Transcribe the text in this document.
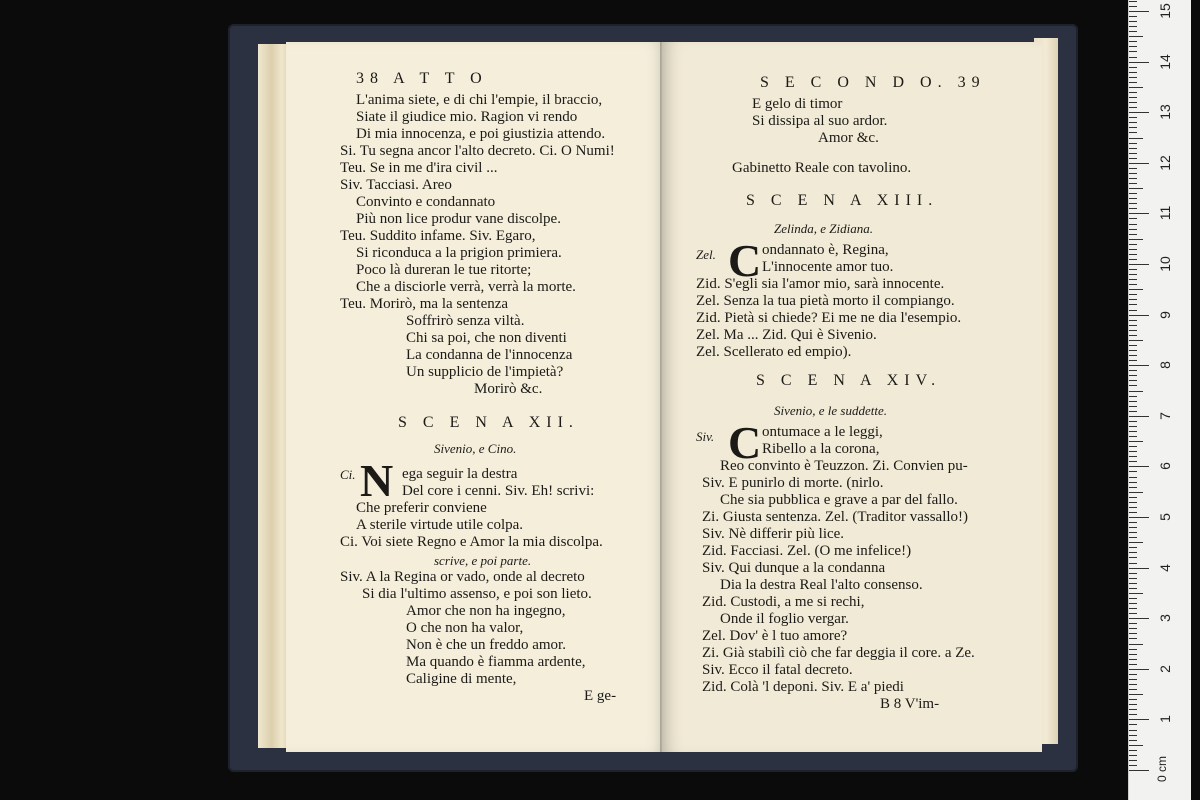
38 A T T O
L'anima siete, e di chi l'empie, il braccio,
Siate il giudice mio. Ragion vi rendo
Di mia innocenza, e poi giustizia attendo.
Si. Tu segna ancor l'alto decreto. Ci. O Numi!
Teu. Se in me d'ira civil ...
Siv. Tacciasi. Areo
Convinto e condannato
Più non lice produr vane discolpe.
Teu. Suddito infame. Siv. Egaro,
Si riconduca a la prigion primiera.
Poco là dureran le tue ritorte;
Che a disciorle verrà, verrà la morte.
Teu. Morirò, ma la sentenza
Soffrirò senza viltà.
Chi sa poi, che non diventi
La condanna de l'innocenza
Un supplicio de l'impietà?
Morirò &c.
S C E N A XII.
Sivenio, e Cino.
Ci. N ega seguir la destra
Del core i cenni. Siv. Eh! scrivi:
Che preferir conviene
A sterile virtude utile colpa.
Ci. Voi siete Regno e Amor la mia discolpa.
scrive, e poi parte.
Siv. A la Regina or vado, onde al decreto
Si dia l'ultimo assenso, e poi son lieto.
Amor che non ha ingegno,
O che non ha valor,
Non è che un freddo amor.
Ma quando è fiamma ardente,
Caligine di mente,
E ge-
S E C O N D O. 39
E gelo di timor
Si dissipa al suo ardor.
Amor &c.
Gabinetto Reale con tavolino.
S C E N A XIII.
Zelinda, e Zidiana.
Zel. C ondannato è, Regina,
L'innocente amor tuo.
Zid. S'egli sia l'amor mio, sarà innocente.
Zel. Senza la tua pietà morto il compiango.
Zid. Pietà si chiede? Ei me ne dia l'esempio.
Zel. Ma ... Zid. Qui è Sivenio.
Zel. Scellerato ed empio).
S C E N A XIV.
Sivenio, e le suddette.
Siv. C ontumace a le leggi,
Ribello a la corona,
Reo convinto è Teuzzon. Zi. Convien pu-
Siv. E punirlo di morte. (nirlo.
Che sia pubblica e grave a par del fallo.
Zi. Giusta sentenza. Zel. (Traditor vassallo!)
Siv. Nè differir più lice.
Zid. Facciasi. Zel. (O me infelice!)
Siv. Qui dunque a la condanna
Dia la destra Real l'alto consenso.
Zid. Custodi, a me si rechi,
Onde il foglio vergar.
Zel. Dov' è l tuo amore?
Zi. Già stabilì ciò che far deggia il core. a Ze.
Siv. Ecco il fatal decreto.
Zid. Colà 'l deponi. Siv. E a' piedi
B 8 V'im-
0 cm
1
2
3
4
5
6
7
8
9
10
11
12
13
14
15
